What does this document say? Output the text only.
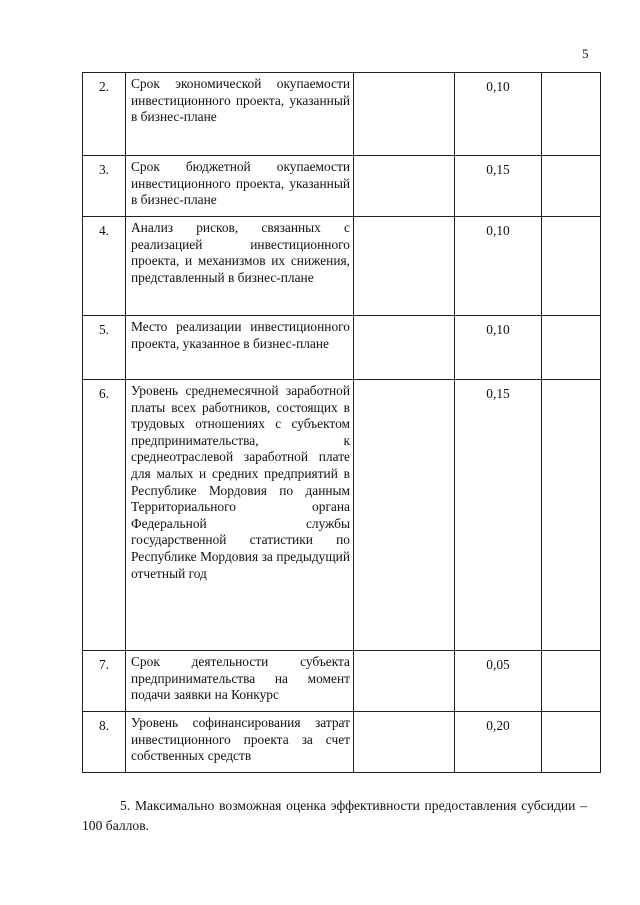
5
2.	Срок экономической окупаемости инвестиционного проекта, указанный в бизнес-плане		0,10	
3.	Срок бюджетной окупаемости инвестиционного проекта, указанный в бизнес-плане		0,15	
4.	Анализ рисков, связанных с реализацией инвестиционного проекта, и механизмов их снижения, представленный в бизнес-плане		0,10	
5.	Место реализации инвестиционного проекта, указанное в бизнес-плане		0,10	
6.	Уровень среднемесячной заработной платы всех работников, состоящих в трудовых отношениях с субъектом предпринимательства, к среднеотраслевой заработной плате для малых и средних предприятий в Республике Мордовия по данным Территориального органа Федеральной службы государственной статистики по Республике Мордовия за предыдущий отчетный год		0,15	
7.	Срок деятельности субъекта предпринимательства на момент подачи заявки на Конкурс		0,05	
8.	Уровень софинансирования затрат инвестиционного проекта за счет собственных средств		0,20	
5. Максимально возможная оценка эффективности предоставления субсидии – 100 баллов.
